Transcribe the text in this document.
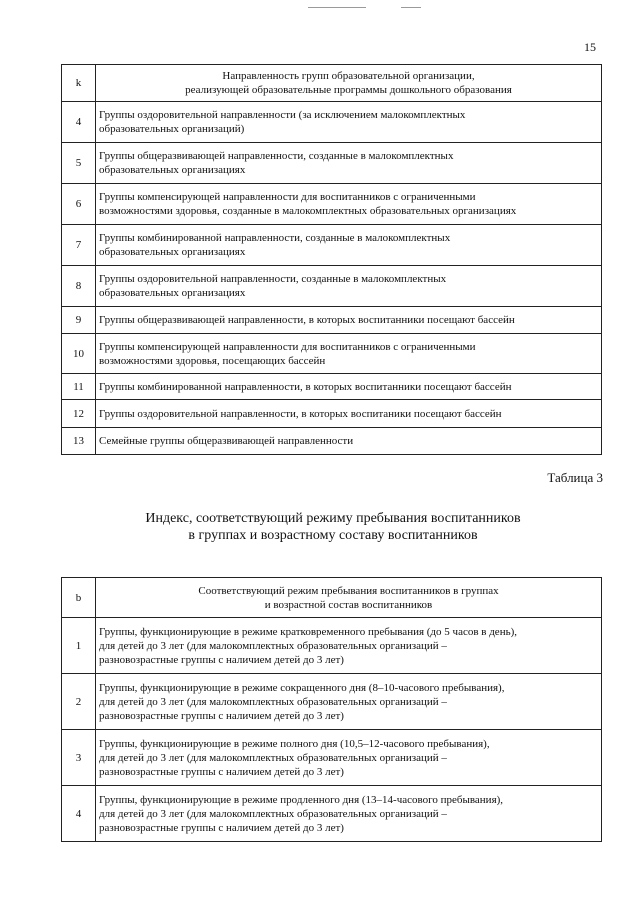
15
k	Направленность групп образовательной организации,
реализующей образовательные программы дошкольного образования

4	Группы оздоровительной направленности (за исключением малокомплектных
образовательных организаций)

5	Группы общеразвивающей направленности, созданные в малокомплектных
образовательных организациях

6	Группы компенсирующей направленности для воспитанников с ограниченными
возможностями здоровья, созданные в малокомплектных образовательных организациях

7	Группы комбинированной направленности, созданные в малокомплектных
образовательных организациях

8	Группы оздоровительной направленности, созданные в малокомплектных
образовательных организациях

9	Группы общеразвивающей направленности, в которых воспитанники посещают бассейн

10	Группы компенсирующей направленности для воспитанников с ограниченными
возможностями здоровья, посещающих бассейн

11	Группы комбинированной направленности, в которых воспитанники посещают бассейн

12	Группы оздоровительной направленности, в которых воспитаники посещают бассейн

13	Семейные группы общеразвивающей направленности
Таблица 3
Индекс, соответствующий режиму пребывания воспитанников
в группах и возрастному составу воспитанников
b	Соответствующий режим пребывания воспитанников в группах
и возрастной состав воспитанников

1	Группы, функционирующие в режиме кратковременного пребывания (до 5 часов в день),
для детей до 3 лет (для малокомплектных образовательных организаций –
разновозрастные группы с наличием детей до 3 лет)

2	Группы, функционирующие в режиме сокращенного дня (8–10-часового пребывания),
для детей до 3 лет (для малокомплектных образовательных организаций –
разновозрастные группы с наличием детей до 3 лет)

3	Группы, функционирующие в режиме полного дня (10,5–12-часового пребывания),
для детей до 3 лет (для малокомплектных образовательных организаций –
разновозрастные группы с наличием детей до 3 лет)

4	Группы, функционирующие в режиме продленного дня (13–14-часового пребывания),
для детей до 3 лет (для малокомплектных образовательных организаций –
разновозрастные группы с наличием детей до 3 лет)
